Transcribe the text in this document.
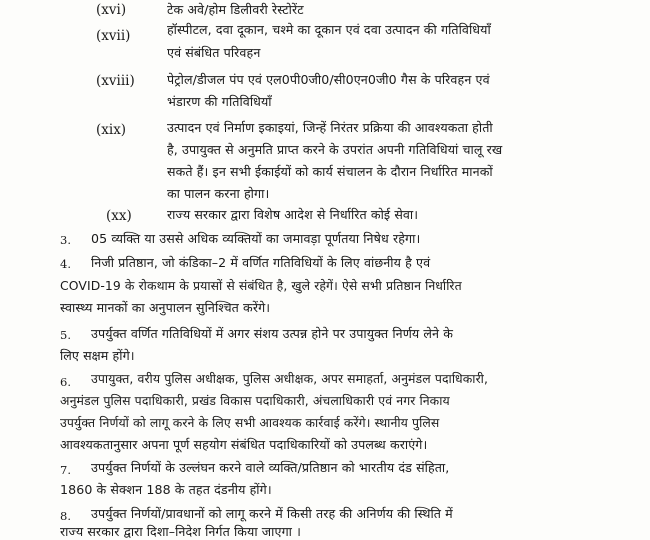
(xvi)	टेक अवे/होम डिलीवरी रेस्टोरेंट
(xvii)	हॉस्पीटल, दवा दूकान, चश्मे का दूकान एवं दवा उत्पादन की गतिविधियाँ
एवं संबंधित परिवहन
(xviii)	पेट्रोल/डीजल पंप एवं एल0पी0जी0/सी0एन0जी0 गैस के परिवहन एवं
भंडारण की गतिविधियाँ
(xix)	उत्पादन एवं निर्माण इकाइयां, जिन्हें निरंतर प्रक्रिया की आवश्यकता होती
है, उपायुक्त से अनुमति प्राप्त करने के उपरांत अपनी गतिविधियां चालू रख
सकते हैं। इन सभी ईकाईयों को कार्य संचालन के दौरान निर्धारित मानकों
का पालन करना होगा।
(xx)	राज्य सरकार द्वारा विशेष आदेश से निर्धारित कोई सेवा।
3. 05 व्यक्ति या उससे अधिक व्यक्तियों का जमावड़ा पूर्णतया निषेध रहेगा।
4. निजी प्रतिष्ठान, जो कंडिका–2 में वर्णित गतिविधियों के लिए वांछनीय है एवं
COVID-19 के रोकथाम के प्रयासों से संबंधित है, खुले रहेगें। ऐसे सभी प्रतिष्ठान निर्धारित
स्वास्थ्य मानकों का अनुपालन सुनिश्चित करेंगे।
5. उपर्युक्त वर्णित गतिविधियों में अगर संशय उत्पन्न होने पर उपायुक्त निर्णय लेने के
लिए सक्षम होंगे।
6. उपायुक्त, वरीय पुलिस अधीक्षक, पुलिस अधीक्षक, अपर समाहर्ता, अनुमंडल पदाधिकारी,
अनुमंडल पुलिस पदाधिकारी, प्रखंड विकास पदाधिकारी, अंचलाधिकारी एवं नगर निकाय
उपर्युक्त निर्णयों को लागू करने के लिए सभी आवश्यक कार्रवाई करेंगे। स्थानीय पुलिस
आवश्यकतानुसार अपना पूर्ण सहयोग संबंधित पदाधिकारियों को उपलब्ध कराएंगे।
7. उपर्युक्त निर्णयों के उल्लंघन करने वाले व्यक्ति/प्रतिष्ठान को भारतीय दंड संहिता,
1860 के सेक्शन 188 के तहत दंडनीय होंगे।
8. उपर्युक्त निर्णयों/प्रावधानों को लागू करने में किसी तरह की अनिर्णय की स्थिति में
राज्य सरकार द्वारा दिशा–निदेश निर्गत किया जाएगा ।
